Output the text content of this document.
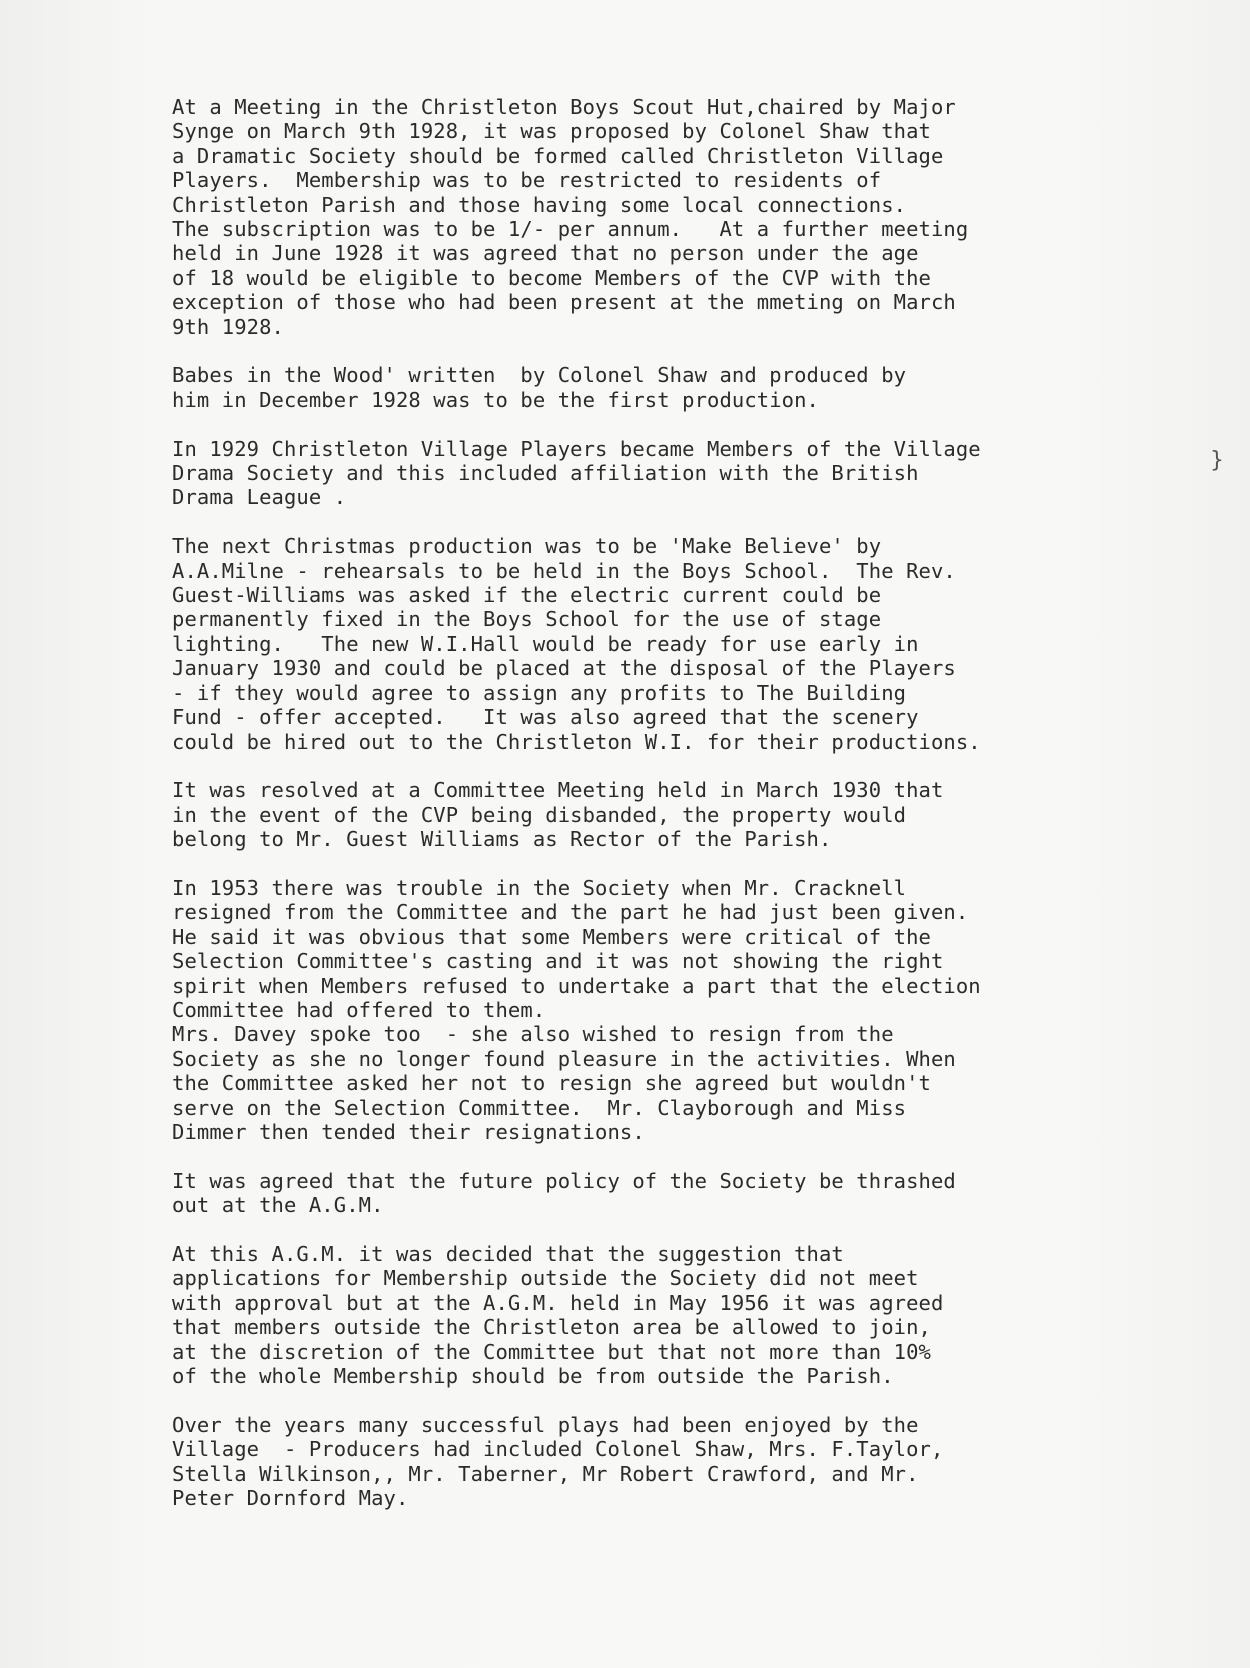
At a Meeting in the Christleton Boys Scout Hut,chaired by Major
Synge on March 9th 1928, it was proposed by Colonel Shaw that
a Dramatic Society should be formed called Christleton Village
Players.  Membership was to be restricted to residents of
Christleton Parish and those having some local connections.
The subscription was to be 1/- per annum.   At a further meeting
held in June 1928 it was agreed that no person under the age
of 18 would be eligible to become Members of the CVP with the
exception of those who had been present at the mmeting on March
9th 1928.
Babes in the Wood' written  by Colonel Shaw and produced by
him in December 1928 was to be the first production.
In 1929 Christleton Village Players became Members of the Village
Drama Society and this included affiliation with the British
Drama League .
The next Christmas production was to be 'Make Believe' by
A.A.Milne - rehearsals to be held in the Boys School.  The Rev.
Guest-Williams was asked if the electric current could be
permanently fixed in the Boys School for the use of stage
lighting.   The new W.I.Hall would be ready for use early in
January 1930 and could be placed at the disposal of the Players
- if they would agree to assign any profits to The Building
Fund - offer accepted.   It was also agreed that the scenery
could be hired out to the Christleton W.I. for their productions.
It was resolved at a Committee Meeting held in March 1930 that
in the event of the CVP being disbanded, the property would
belong to Mr. Guest Williams as Rector of the Parish.
In 1953 there was trouble in the Society when Mr. Cracknell
resigned from the Committee and the part he had just been given.
He said it was obvious that some Members were critical of the
Selection Committee's casting and it was not showing the right
spirit when Members refused to undertake a part that the election
Committee had offered to them.
Mrs. Davey spoke too  - she also wished to resign from the
Society as she no longer found pleasure in the activities. When
the Committee asked her not to resign she agreed but wouldn't
serve on the Selection Committee.  Mr. Clayborough and Miss
Dimmer then tended their resignations.
It was agreed that the future policy of the Society be thrashed
out at the A.G.M.
At this A.G.M. it was decided that the suggestion that
applications for Membership outside the Society did not meet
with approval but at the A.G.M. held in May 1956 it was agreed
that members outside the Christleton area be allowed to join,
at the discretion of the Committee but that not more than 10%
of the whole Membership should be from outside the Parish.
Over the years many successful plays had been enjoyed by the
Village  - Producers had included Colonel Shaw, Mrs. F.Taylor,
Stella Wilkinson,, Mr. Taberner, Mr Robert Crawford, and Mr.
Peter Dornford May.
}
